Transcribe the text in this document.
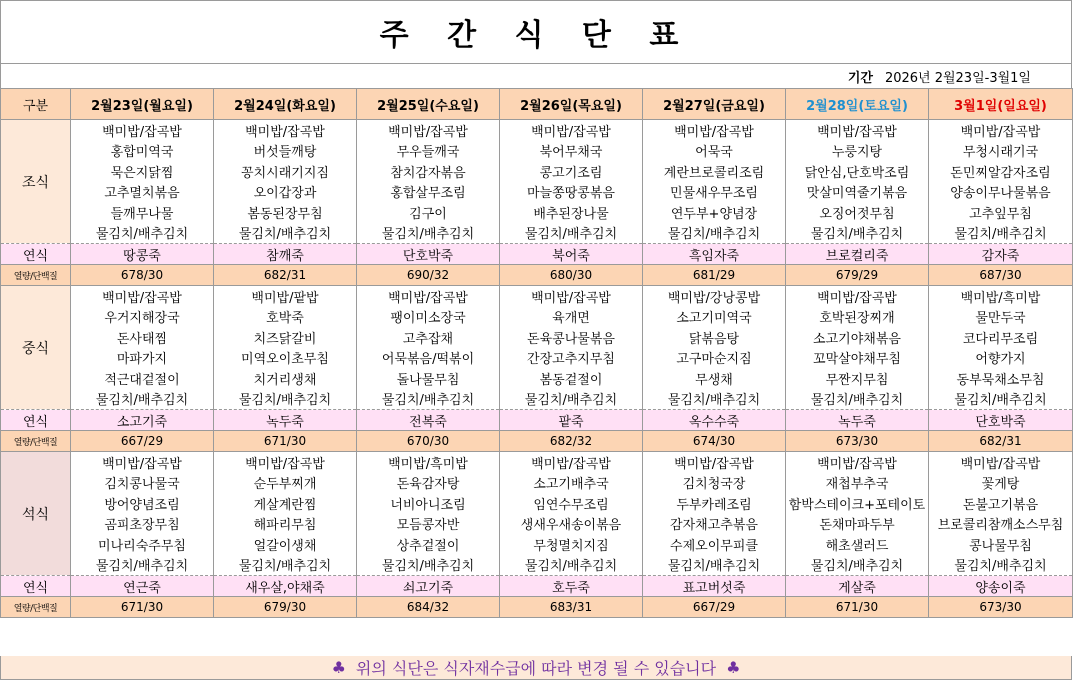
주 간 식 단 표
기간 2026년 2월23일-3월1일
구분	2월23일(월요일)	2월24일(화요일)	2월25일(수요일)	2월26일(목요일)	2월27일(금요일)	2월28일(토요일)	3월1일(일요일)
조식	백미밥/잡곡밥	백미밥/잡곡밥	백미밥/잡곡밥	백미밥/잡곡밥	백미밥/잡곡밥	백미밥/잡곡밥	백미밥/잡곡밥
	홍합미역국	버섯들깨탕	무우들깨국	북어무채국	어묵국	누룽지탕	무청시래기국
	묵은지닭찜	꽁치시래기지짐	참치감자볶음	콩고기조림	계란브로콜리조림	닭안심,단호박조림	돈민찌알감자조림
	고추멸치볶음	오이갑장과	홍합살무조림	마늘쫑땅콩볶음	민물새우무조림	맛살미역줄기볶음	양송이무나물볶음
	들깨무나물	봄동된장무침	김구이	배추된장나물	연두부+양념장	오징어젓무침	고추잎무침
	물김치/배추김치	물김치/배추김치	물김치/배추김치	물김치/배추김치	물김치/배추김치	물김치/배추김치	물김치/배추김치
연식	땅콩죽	참깨죽	단호박죽	북어죽	흑임자죽	브로컬리죽	감자죽
열량/단백질	678/30	682/31	690/32	680/30	681/29	679/29	687/30
중식	백미밥/잡곡밥	백미밥/팥밥	백미밥/잡곡밥	백미밥/잡곡밥	백미밥/강낭콩밥	백미밥/잡곡밥	백미밥/흑미밥
	우거지해장국	호박죽	팽이미소장국	육개면	소고기미역국	호박된장찌개	물만두국
	돈사태찜	치즈닭갈비	고추잡채	돈육콩나물볶음	닭볶음탕	소고기야채볶음	코다리무조림
	마파가지	미역오이초무침	어묵볶음/떡볶이	간장고추지무침	고구마순지짐	꼬막살야채무침	어향가지
	적근대겉절이	치거리생채	돌나물무침	봄동겉절이	무생채	무짠지무침	동부묵채소무침
	물김치/배추김치	물김치/배추김치	물김치/배추김치	물김치/배추김치	물김치/배추김치	물김치/배추김치	물김치/배추김치
연식	소고기죽	녹두죽	전복죽	팥죽	옥수수죽	녹두죽	단호박죽
열량/단백질	667/29	671/30	670/30	682/32	674/30	673/30	682/31
석식	백미밥/잡곡밥	백미밥/잡곡밥	백미밥/흑미밥	백미밥/잡곡밥	백미밥/잡곡밥	백미밥/잡곡밥	백미밥/잡곡밥
	김치콩나물국	순두부찌개	돈육감자탕	소고기배추국	김치청국장	재첩부추국	꽃게탕
	방어양념조림	게살계란찜	너비아니조림	임연수무조림	두부카레조림	함박스테이크+포테이토	돈불고기볶음
	곰피초장무침	해파리무침	모듬콩자반	생새우새송이볶음	감자채고추볶음	돈채마파두부	브로콜리참깨소스무침
	미나리숙주무침	얼갈이생채	상추겉절이	무청멸치지짐	수제오이무피클	해초샐러드	콩나물무침
	물김치/배추김치	물김치/배추김치	물김치/배추김치	물김치/배추김치	물김치/배추김치	물김치/배추김치	물김치/배추김치
연식	연근죽	새우살,야채죽	쇠고기죽	호두죽	표고버섯죽	게살죽	양송이죽
열량/단백질	671/30	679/30	684/32	683/31	667/29	671/30	673/30
♣ 위의 식단은 식자재수급에 따라 변경 될 수 있습니다 ♣
